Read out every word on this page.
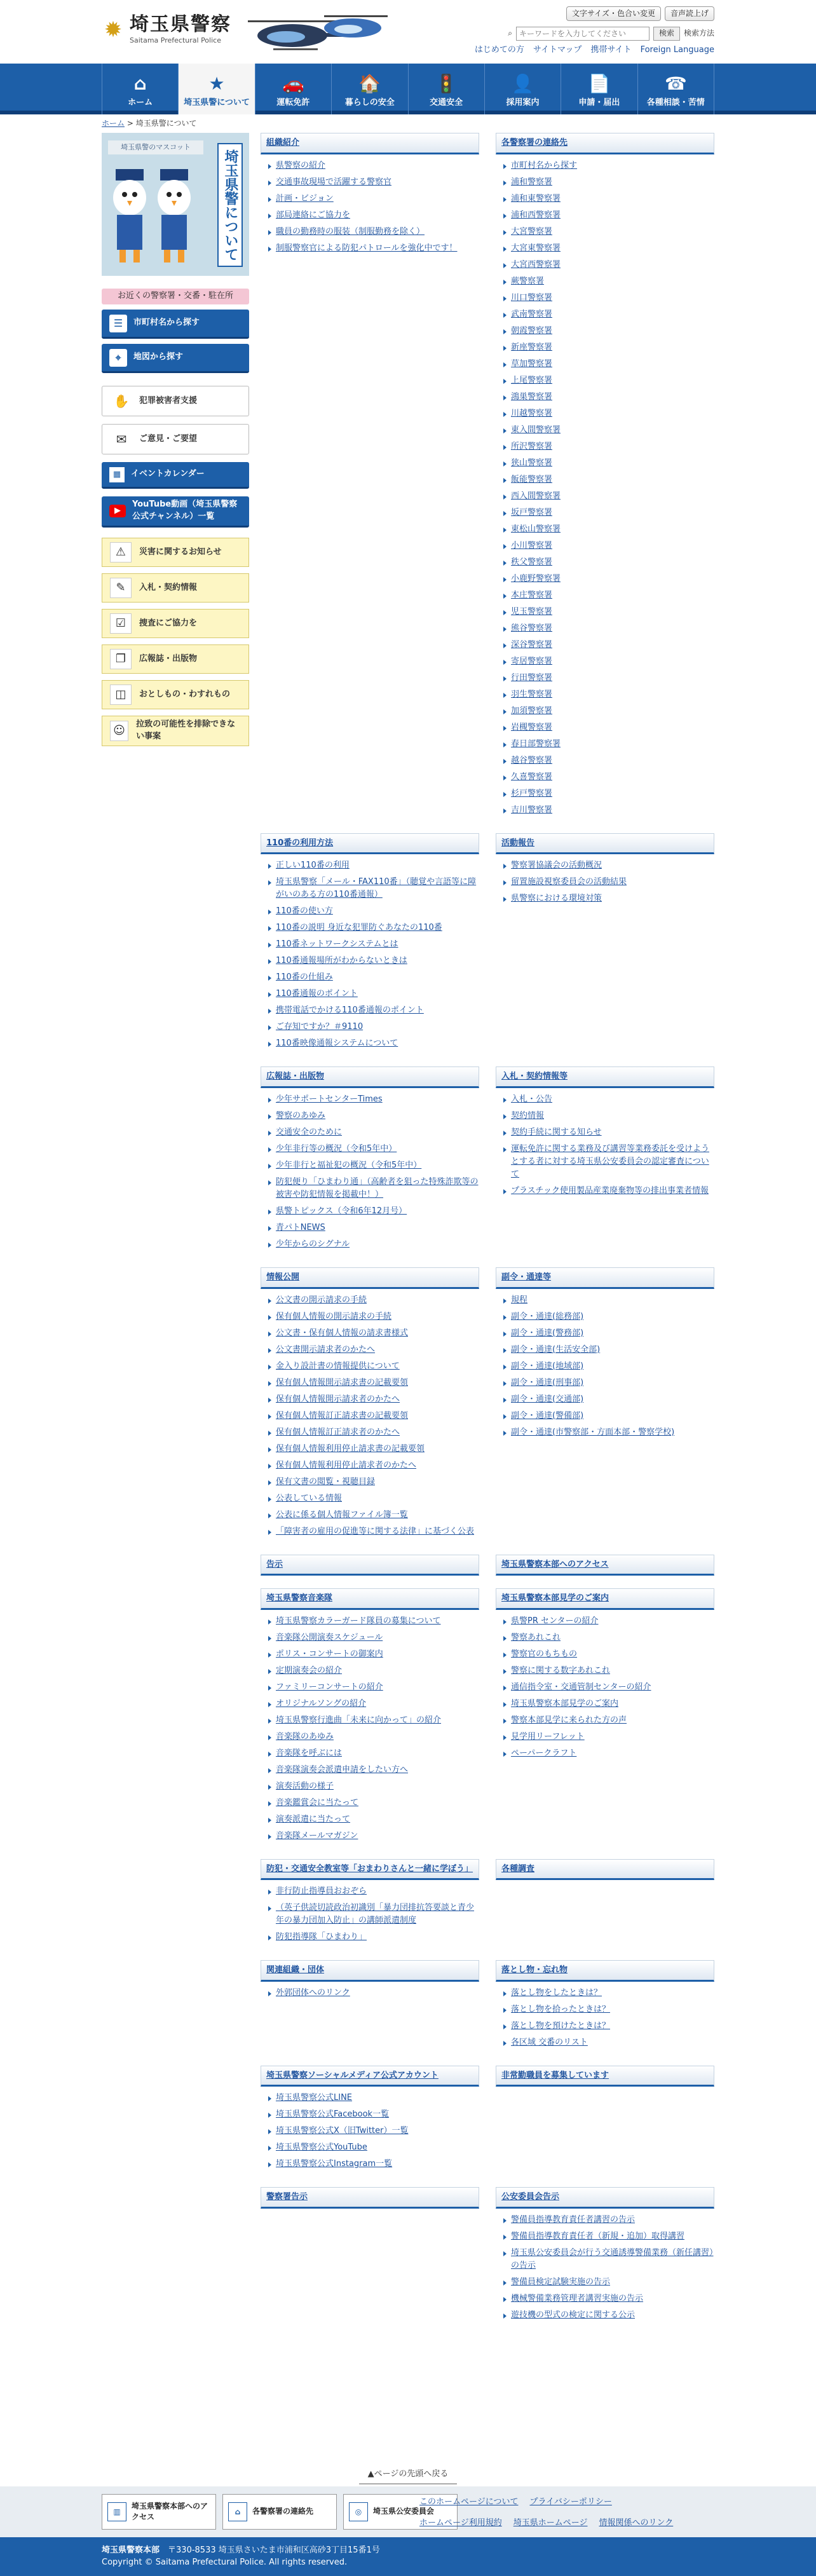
✹ 埼玉県警察
Saitama Prefectural Police
文字サイズ・色合い変更	音声読上げ
⌕
キーワードを入力してください	検索	検索方法
はじめての方 サイトマップ 携帯サイト Foreign Language
⌂
ホーム
★
埼玉県警について
🚗
運転免許
🏠
暮らしの安全
🚦
交通安全
👤
採用案内
📄
申請・届出
☎
各種相談・苦情
ホーム > 埼玉県警について
埼玉県警のマスコット
埼玉県警について
お近くの警察署・交番・駐在所
☰	市町村名から探す
⌖	地図から探す
✋	犯罪被害者支援
✉	ご意見・ご要望
▦	イベントカレンダー
▶
YouTube動画（埼玉県警察公式チャンネル）一覧
⚠	災害に関するお知らせ
✎	入札・契約情報
☑	捜査にご協力を
❐	広報誌・出版物
◫	おとしもの・わすれもの
☺	拉致の可能性を排除できない事案
組織紹介
県警察の紹介
交通事故現場で活躍する警察官
計画・ビジョン
部局連絡にご協力を
職員の勤務時の服装（制服勤務を除く）
制服警察官による防犯パトロールを強化中です！
各警察署の連絡先
市町村名から探す
浦和警察署
浦和東警察署
浦和西警察署
大宮警察署
大宮東警察署
大宮西警察署
蕨警察署
川口警察署
武南警察署
朝霞警察署
新座警察署
草加警察署
上尾警察署
鴻巣警察署
川越警察署
東入間警察署
所沢警察署
狭山警察署
飯能警察署
西入間警察署
坂戸警察署
東松山警察署
小川警察署
秩父警察署
小鹿野警察署
本庄警察署
児玉警察署
熊谷警察署
深谷警察署
寄居警察署
行田警察署
羽生警察署
加須警察署
岩槻警察署
春日部警察署
越谷警察署
久喜警察署
杉戸警察署
吉川警察署
110番の利用方法
正しい110番の利用
埼玉県警察「メール・FAX110番」（聴覚や言語等に障がいのある方の110番通報）
110番の使い方
110番の説明 身近な犯罪防ぐあなたの110番
110番ネットワークシステムとは
110番通報場所がわからないときは
110番の仕組み
110番通報のポイント
携帯電話でかける110番通報のポイント
ご存知ですか？＃9110
110番映像通報システムについて
活動報告
警察署協議会の活動概況
留置施設視察委員会の活動結果
県警察における環境対策
広報誌・出版物
少年サポートセンターTimes
警察のあゆみ
交通安全のために
少年非行等の概況（令和5年中）
少年非行と福祉犯の概況（令和5年中）
防犯便り「ひまわり通」（高齢者を狙った特殊詐欺等の被害や防犯情報を掲載中！）
県警トピックス（令和6年12月号）
青パトNEWS
少年からのシグナル
入札・契約情報等
入札・公告
契約情報
契約手続に関する知らせ
運転免許に関する業務及び講習等業務委託を受けようとする者に対する埼玉県公安委員会の認定審査について
プラスチック使用製品産業廃棄物等の排出事業者情報
情報公開
公文書の開示請求の手続
保有個人情報の開示請求の手続
公文書・保有個人情報の請求書様式
公文書開示請求者のかたへ
金入り設計書の情報提供について
保有個人情報開示請求書の記載要領
保有個人情報開示請求者のかたへ
保有個人情報訂正請求書の記載要領
保有個人情報訂正請求者のかたへ
保有個人情報利用停止請求書の記載要領
保有個人情報利用停止請求者のかたへ
保有文書の閲覧・視聴目録
公表している情報
公表に係る個人情報ファイル簿一覧
「障害者の雇用の促進等に関する法律」に基づく公表
副令・通達等
規程
副令・通達(総務部)
副令・通達(警務部)
副令・通達(生活安全部)
副令・通達(地域部)
副令・通達(刑事部)
副令・通達(交通部)
副令・通達(警備部)
副令・通達(市警察部・方面本部・警察学校)
告示	埼玉県警察本部へのアクセス
埼玉県警察音楽隊
埼玉県警察カラーガード隊員の募集について
音楽隊公開演奏スケジュール
ポリス・コンサートの御案内
定期演奏会の紹介
ファミリーコンサートの紹介
オリジナルソングの紹介
埼玉県警察行進曲「未来に向かって」の紹介
音楽隊のあゆみ
音楽隊を呼ぶには
音楽隊演奏会派遣申請をしたい方へ
演奏活動の様子
音楽鑑賞会に当たって
演奏派遣に当たって
音楽隊メールマガジン
埼玉県警察本部見学のご案内
県警PR センターの紹介
警察あれこれ
警察官のもちもの
警察に関する数字あれこれ
通信指令室・交通管制センターの紹介
埼玉県警察本部見学のご案内
警察本部見学に来られた方の声
見学用リーフレット
ペーパークラフト
防犯・交通安全教室等「おまわりさんと一緒に学ぼう」
非行防止指導員おおぞら
（英子供読切読政治初識別「暴力団排抗答要談と青少年の暴力団加入防止」の講師派遣制度
防犯指導隊「ひまわり」
各種調査
関連組織・団体
外郭団体へのリンク
落とし物・忘れ物
落とし物をしたときは？
落とし物を拾ったときは？
落とし物を預けたときは？
各区域 交番のリスト
埼玉県警察ソーシャルメディア公式アカウント
埼玉県警察公式LINE
埼玉県警察公式Facebook一覧
埼玉県警察公式X（旧Twitter）一覧
埼玉県警察公式YouTube
埼玉県警察公式Instagram一覧
非常勤職員を募集しています
警察署告示	公安委員会告示
警備員指導教育責任者講習の告示
警備員指導教育責任者（新規・追加）取得講習
埼玉県公安委員会が行う交通誘導警備業務（新任講習）の告示
警備員検定試験実施の告示
機械警備業務管理者講習実施の告示
遊技機の型式の検定に関する公示
▲ページの先頭へ戻る
▥
埼玉県警察本部へのアクセス
⌂	各警察署の連絡先	◎	埼玉県公安委員会
このホームページについて プライバシーポリシー
ホームページ利用規約 埼玉県ホームページ 情報関係へのリンク
埼玉県警察本部　 〒330-8533 埼玉県さいたま市浦和区高砂3丁目15番1号
Copyright © Saitama Prefectural Police. All rights reserved.
